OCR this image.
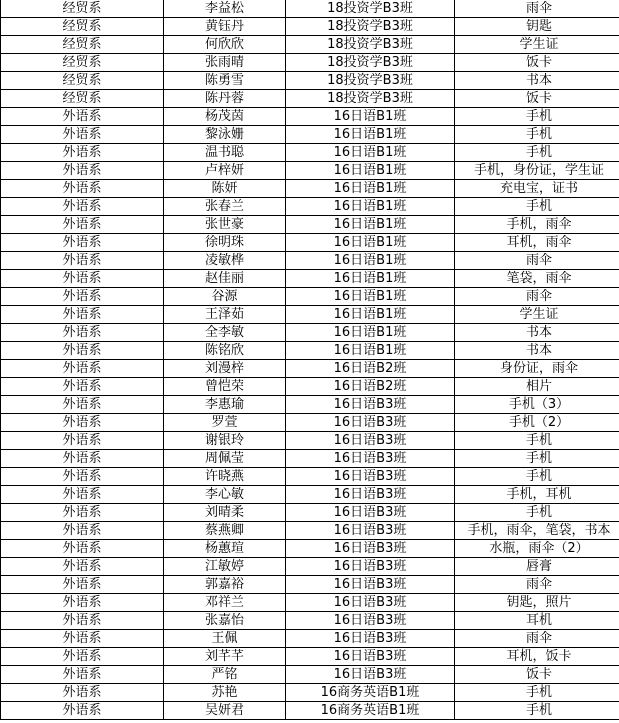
经贸系	李益松	18投资学B3班	雨伞
经贸系	黄钰丹	18投资学B3班	钥匙
经贸系	何欣欣	18投资学B3班	学生证
经贸系	张雨晴	18投资学B3班	饭卡
经贸系	陈勇雪	18投资学B3班	书本
经贸系	陈丹蓉	18投资学B3班	饭卡
外语系	杨茂茵	16日语B1班	手机
外语系	黎泳姗	16日语B1班	手机
外语系	温书聪	16日语B1班	手机
外语系	卢梓妍	16日语B1班	手机，身份证，学生证
外语系	陈妍	16日语B1班	充电宝，证书
外语系	张春兰	16日语B1班	手机
外语系	张世豪	16日语B1班	手机，雨伞
外语系	徐明珠	16日语B1班	耳机，雨伞
外语系	凌敏桦	16日语B1班	雨伞
外语系	赵佳丽	16日语B1班	笔袋，雨伞
外语系	谷源	16日语B1班	雨伞
外语系	王泽茹	16日语B1班	学生证
外语系	全李敏	16日语B1班	书本
外语系	陈铭欣	16日语B1班	书本
外语系	刘漫梓	16日语B2班	身份证，雨伞
外语系	曾恺荣	16日语B2班	相片
外语系	李惠瑜	16日语B3班	手机（3）
外语系	罗萱	16日语B3班	手机（2）
外语系	谢银玲	16日语B3班	手机
外语系	周佩莹	16日语B3班	手机
外语系	许晓燕	16日语B3班	手机
外语系	李心敏	16日语B3班	手机，耳机
外语系	刘晴柔	16日语B3班	手机
外语系	蔡燕卿	16日语B3班	手机，雨伞，笔袋，书本
外语系	杨蕙瑄	16日语B3班	水瓶，雨伞（2）
外语系	江敏婷	16日语B3班	唇膏
外语系	郭嘉裕	16日语B3班	雨伞
外语系	邓祥兰	16日语B3班	钥匙，照片
外语系	张嘉怡	16日语B3班	耳机
外语系	王佩	16日语B3班	雨伞
外语系	刘芊芊	16日语B3班	耳机，饭卡
外语系	严铭	16日语B3班	饭卡
外语系	苏艳	16商务英语B1班	手机
外语系	吴妍君	16商务英语B1班	手机
